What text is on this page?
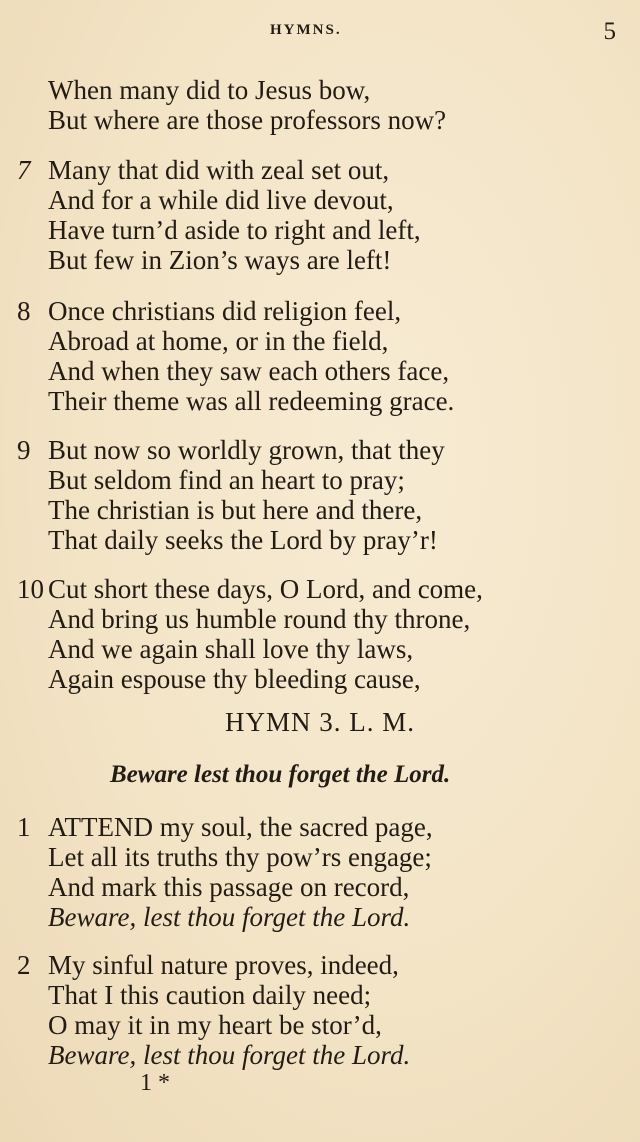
HYMNS.	5
When many did to Jesus bow,
But where are those professors now?
7 Many that did with zeal set out,
And for a while did live devout,
Have turn’d aside to right and left,
But few in Zion’s ways are left!
8 Once christians did religion feel,
Abroad at home, or in the field,
And when they saw each others face,
Their theme was all redeeming grace.
9 But now so worldly grown, that they
But seldom find an heart to pray;
The christian is but here and there,
That daily seeks the Lord by pray’r!
10 Cut short these days, O Lord, and come,
And bring us humble round thy throne,
And we again shall love thy laws,
Again espouse thy bleeding cause,
HYMN 3. L. M.
Beware lest thou forget the Lord.
1 ATTEND my soul, the sacred page,
Let all its truths thy pow’rs engage;
And mark this passage on record,
Beware, lest thou forget the Lord.
2 My sinful nature proves, indeed,
That I this caution daily need;
O may it in my heart be stor’d,
Beware, lest thou forget the Lord.
1 *
